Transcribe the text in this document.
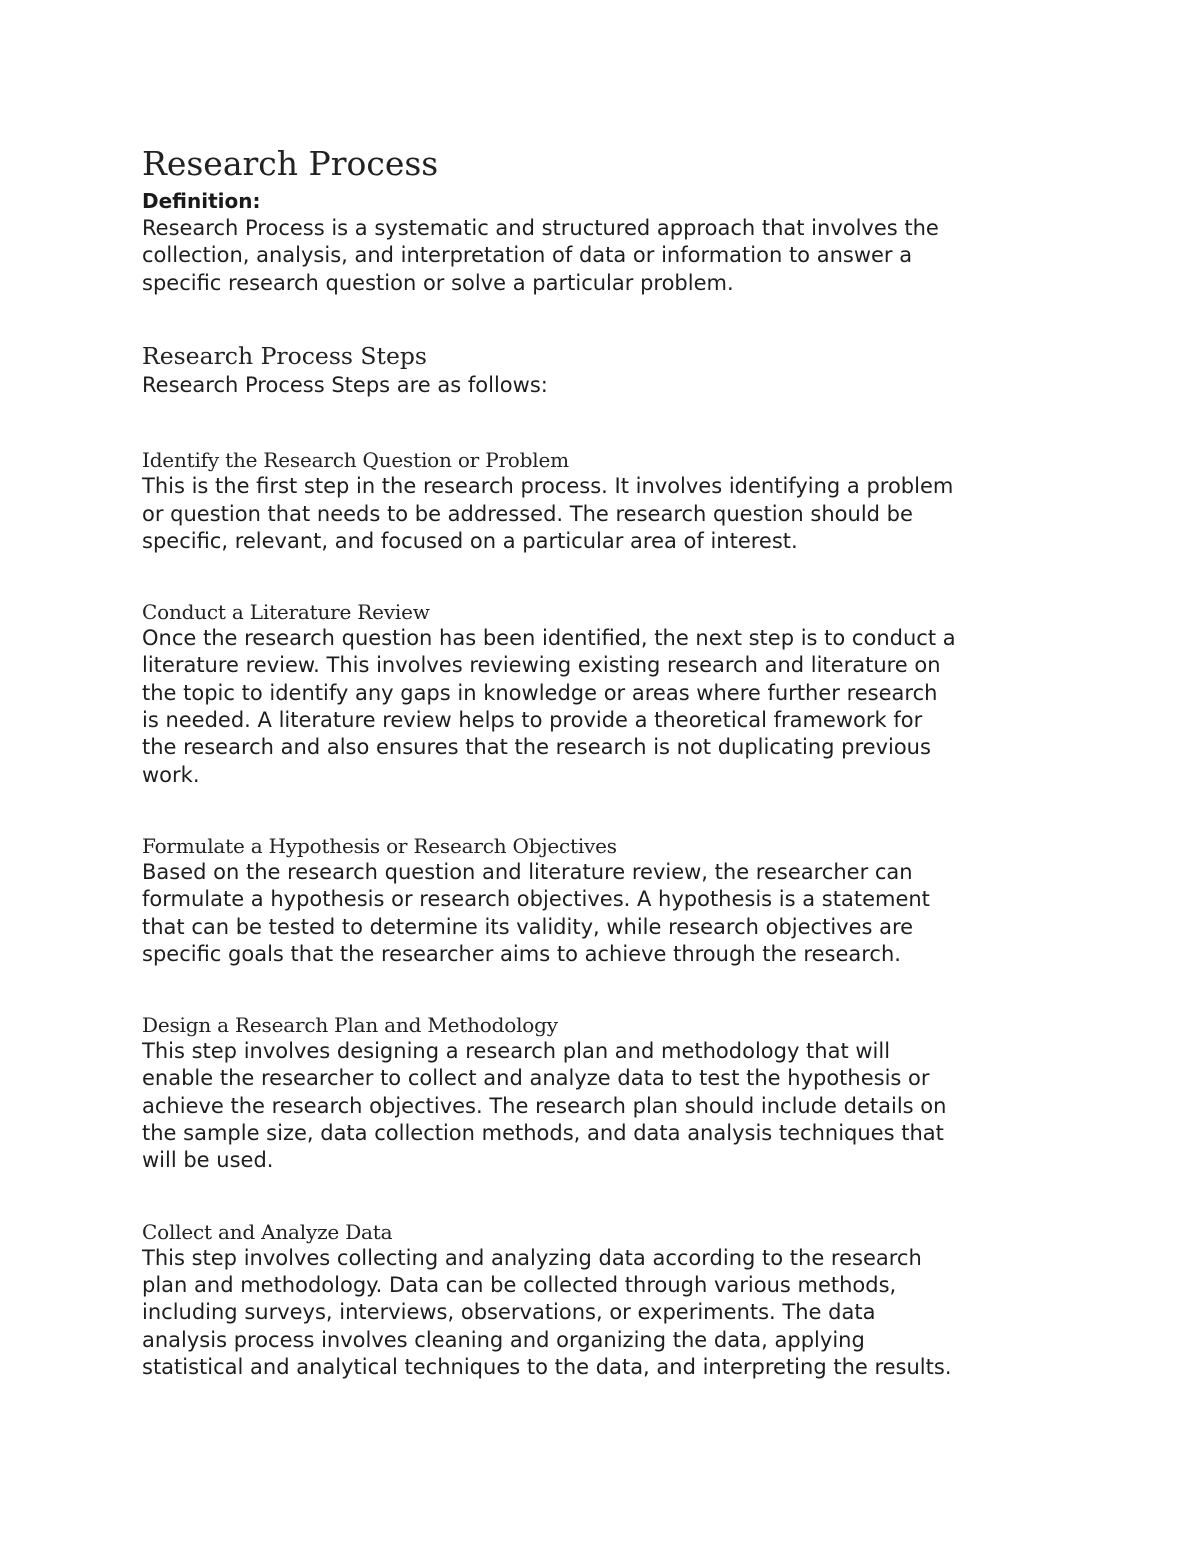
Research Process

Definition:

Research Process is a systematic and structured approach that involves the
collection, analysis, and interpretation of data or information to answer a
specific research question or solve a particular problem.

Research Process Steps

Research Process Steps are as follows:

Identify the Research Question or Problem

This is the first step in the research process. It involves identifying a problem
or question that needs to be addressed. The research question should be
specific, relevant, and focused on a particular area of interest.

Conduct a Literature Review

Once the research question has been identified, the next step is to conduct a
literature review. This involves reviewing existing research and literature on
the topic to identify any gaps in knowledge or areas where further research
is needed. A literature review helps to provide a theoretical framework for
the research and also ensures that the research is not duplicating previous
work.

Formulate a Hypothesis or Research Objectives

Based on the research question and literature review, the researcher can
formulate a hypothesis or research objectives. A hypothesis is a statement
that can be tested to determine its validity, while research objectives are
specific goals that the researcher aims to achieve through the research.

Design a Research Plan and Methodology

This step involves designing a research plan and methodology that will
enable the researcher to collect and analyze data to test the hypothesis or
achieve the research objectives. The research plan should include details on
the sample size, data collection methods, and data analysis techniques that
will be used.

Collect and Analyze Data

This step involves collecting and analyzing data according to the research
plan and methodology. Data can be collected through various methods,
including surveys, interviews, observations, or experiments. The data
analysis process involves cleaning and organizing the data, applying
statistical and analytical techniques to the data, and interpreting the results.
